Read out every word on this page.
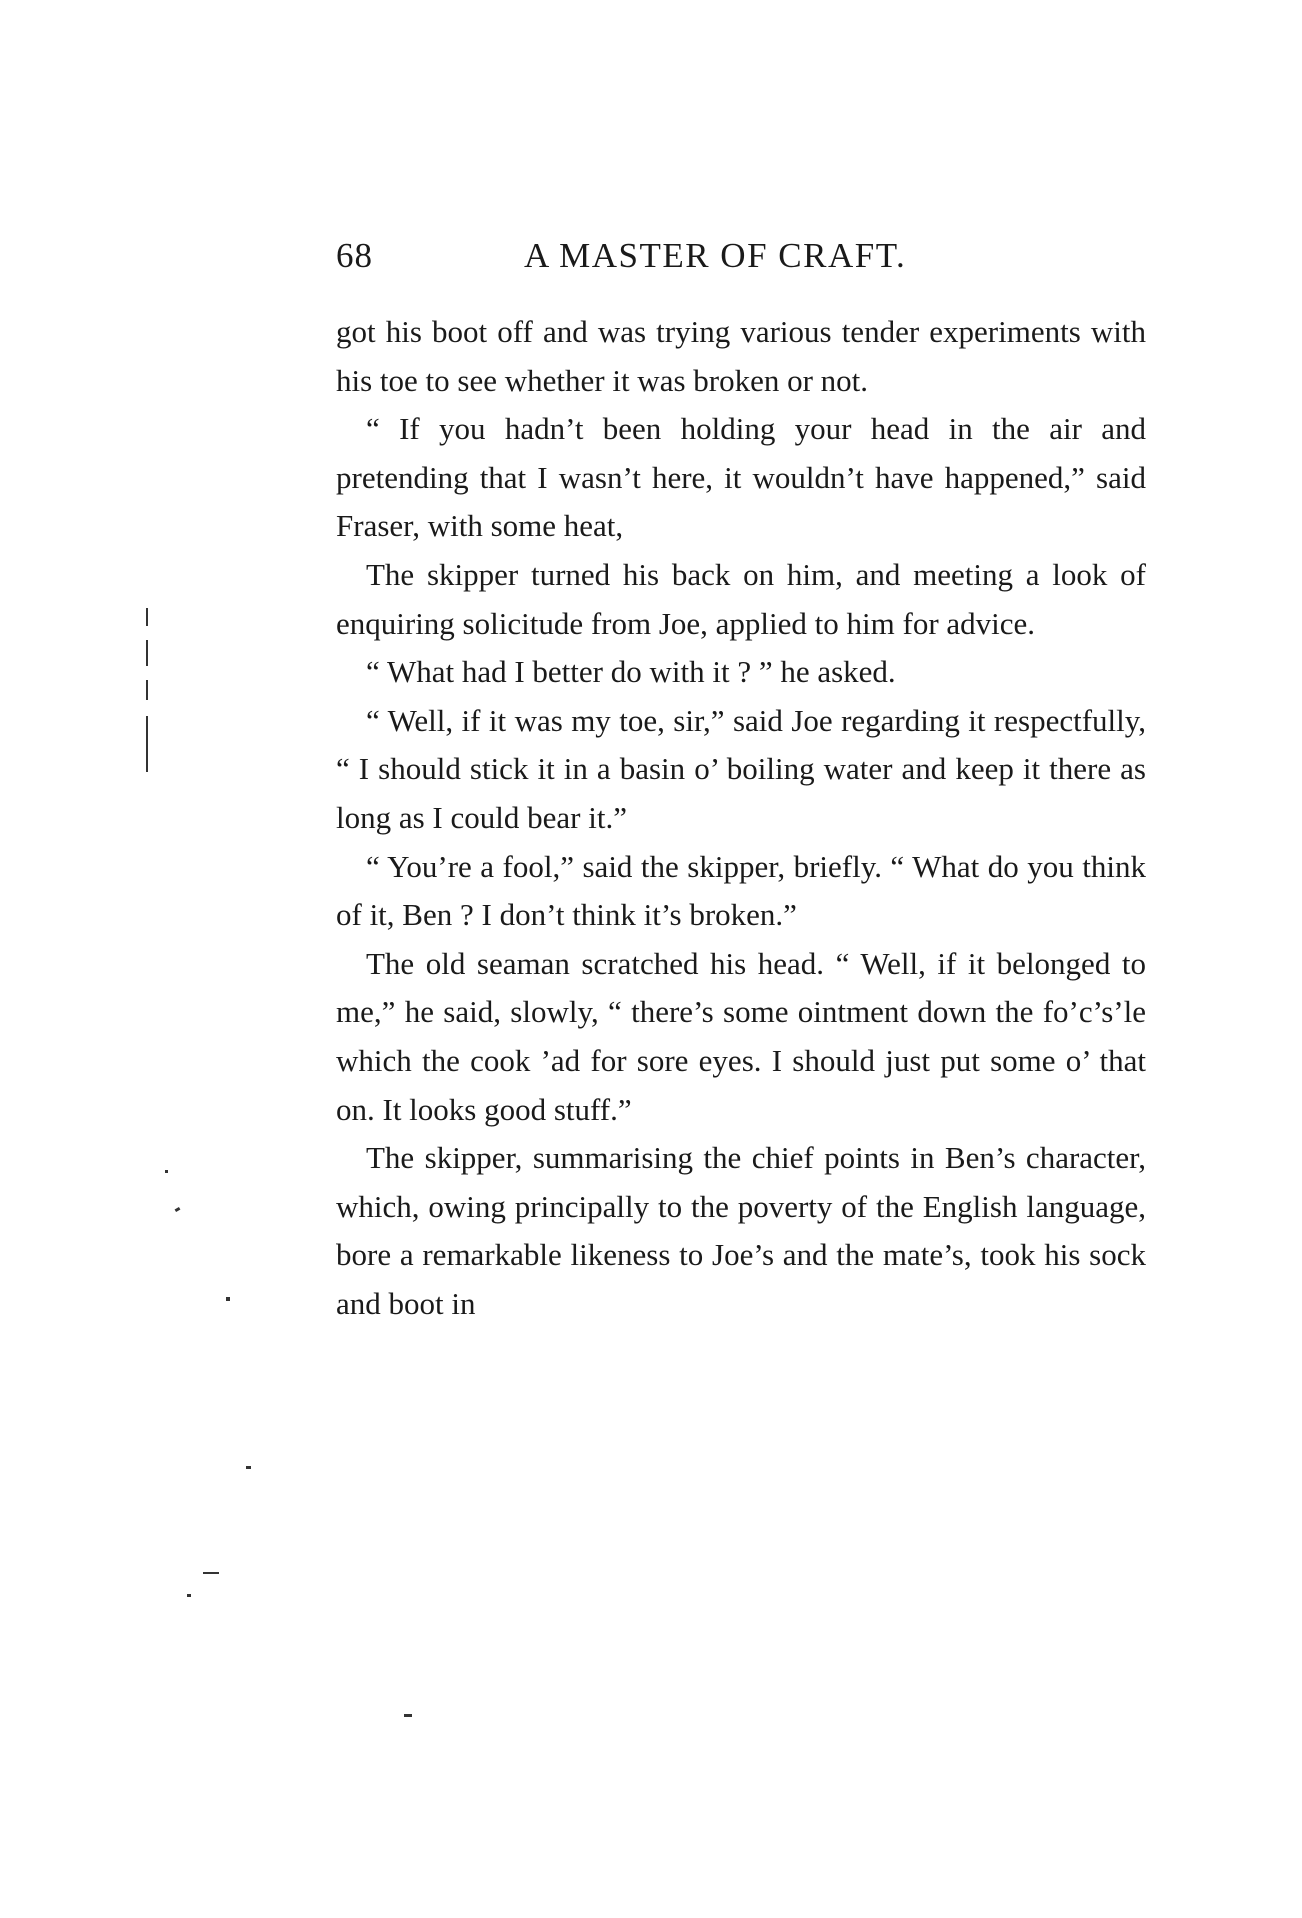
68	A MASTER OF CRAFT.

got his boot off and was trying various tender experiments with his toe to see whether it was broken or not.

“ If you hadn’t been holding your head in the air and pretending that I wasn’t here, it wouldn’t have happened,” said Fraser, with some heat,

The skipper turned his back on him, and meeting a look of enquiring solicitude from Joe, applied to him for advice.

“ What had I better do with it ? ” he asked.

“ Well, if it was my toe, sir,” said Joe regarding it respectfully, “ I should stick it in a basin o’ boiling water and keep it there as long as I could bear it.”

“ You’re a fool,” said the skipper, briefly. “ What do you think of it, Ben ? I don’t think it’s broken.”

The old seaman scratched his head. “ Well, if it belonged to me,” he said, slowly, “ there’s some ointment down the fo’c’s’le which the cook ’ad for sore eyes. I should just put some o’ that on. It looks good stuff.”

The skipper, summarising the chief points in Ben’s character, which, owing principally to the poverty of the English language, bore a remarkable likeness to Joe’s and the mate’s, took his sock and boot in
